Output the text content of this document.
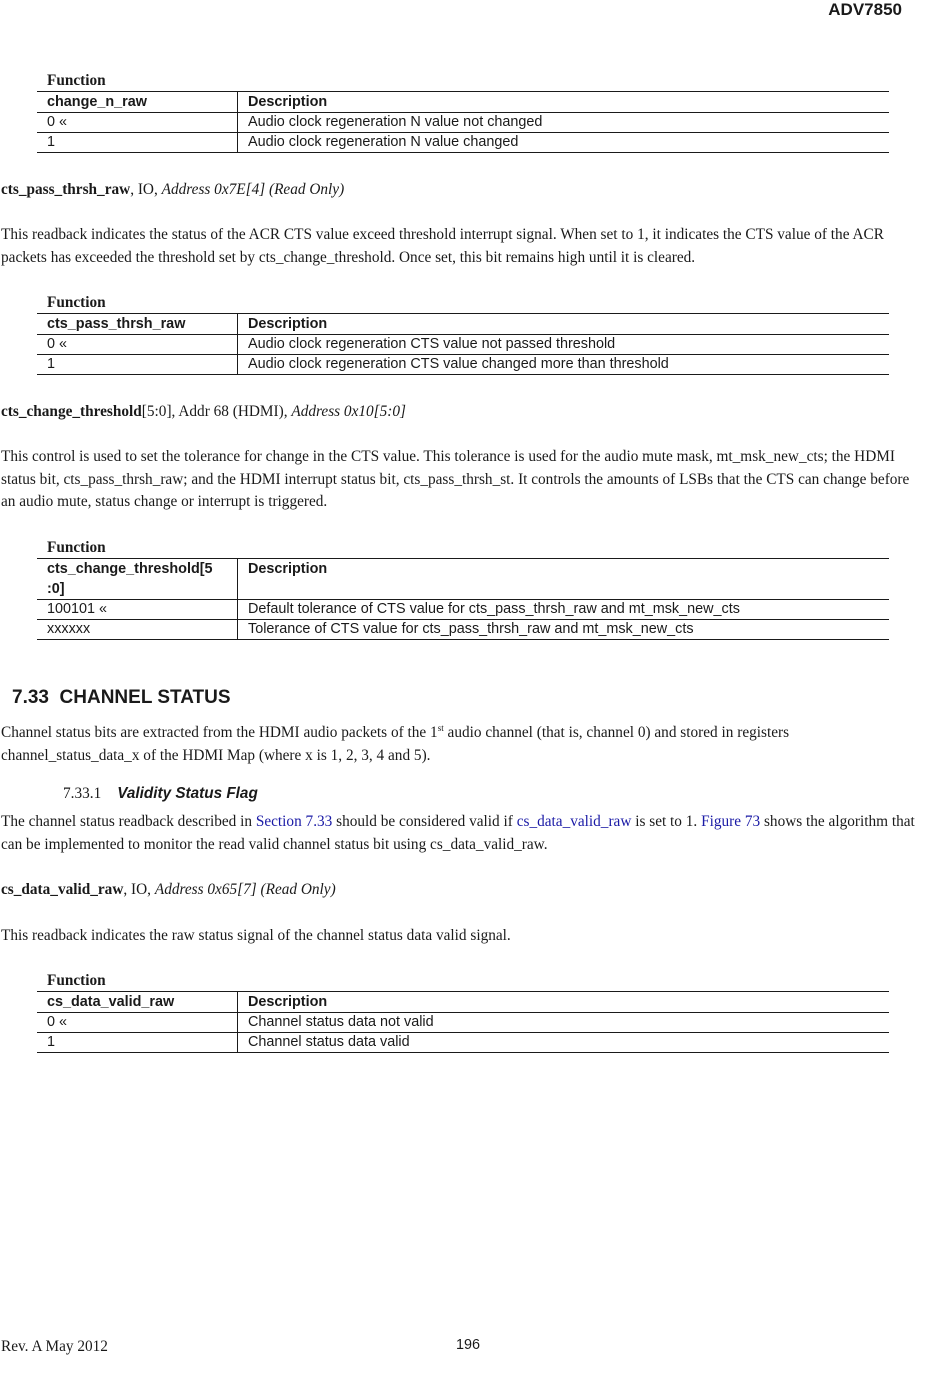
ADV7850
Function
change_n_raw	Description
0 «	Audio clock regeneration N value not changed
1	Audio clock regeneration N value changed
cts_pass_thrsh_raw, IO, Address 0x7E[4] (Read Only)
This readback indicates the status of the ACR CTS value exceed threshold interrupt signal. When set to 1, it indicates the CTS value of the ACR packets has exceeded the threshold set by cts_change_threshold. Once set, this bit remains high until it is cleared.
Function
cts_pass_thrsh_raw	Description
0 «	Audio clock regeneration CTS value not passed threshold
1	Audio clock regeneration CTS value changed more than threshold
cts_change_threshold[5:0], Addr 68 (HDMI), Address 0x10[5:0]
This control is used to set the tolerance for change in the CTS value. This tolerance is used for the audio mute mask, mt_msk_new_cts; the HDMI status bit, cts_pass_thrsh_raw; and the HDMI interrupt status bit, cts_pass_thrsh_st. It controls the amounts of LSBs that the CTS can change before an audio mute, status change or interrupt is triggered.
Function
cts_change_threshold[5
:0]	Description
100101 «	Default tolerance of CTS value for cts_pass_thrsh_raw and mt_msk_new_cts
xxxxxx	Tolerance of CTS value for cts_pass_thrsh_raw and mt_msk_new_cts
7.33 CHANNEL STATUS
Channel status bits are extracted from the HDMI audio packets of the 1st audio channel (that is, channel 0) and stored in registers channel_status_data_x of the HDMI Map (where x is 1, 2, 3, 4 and 5).
7.33.1 Validity Status Flag
The channel status readback described in Section 7.33 should be considered valid if cs_data_valid_raw is set to 1. Figure 73 shows the algorithm that can be implemented to monitor the read valid channel status bit using cs_data_valid_raw.
cs_data_valid_raw, IO, Address 0x65[7] (Read Only)
This readback indicates the raw status signal of the channel status data valid signal.
Function
cs_data_valid_raw	Description
0 «	Channel status data not valid
1	Channel status data valid
Rev. A May 2012	196
